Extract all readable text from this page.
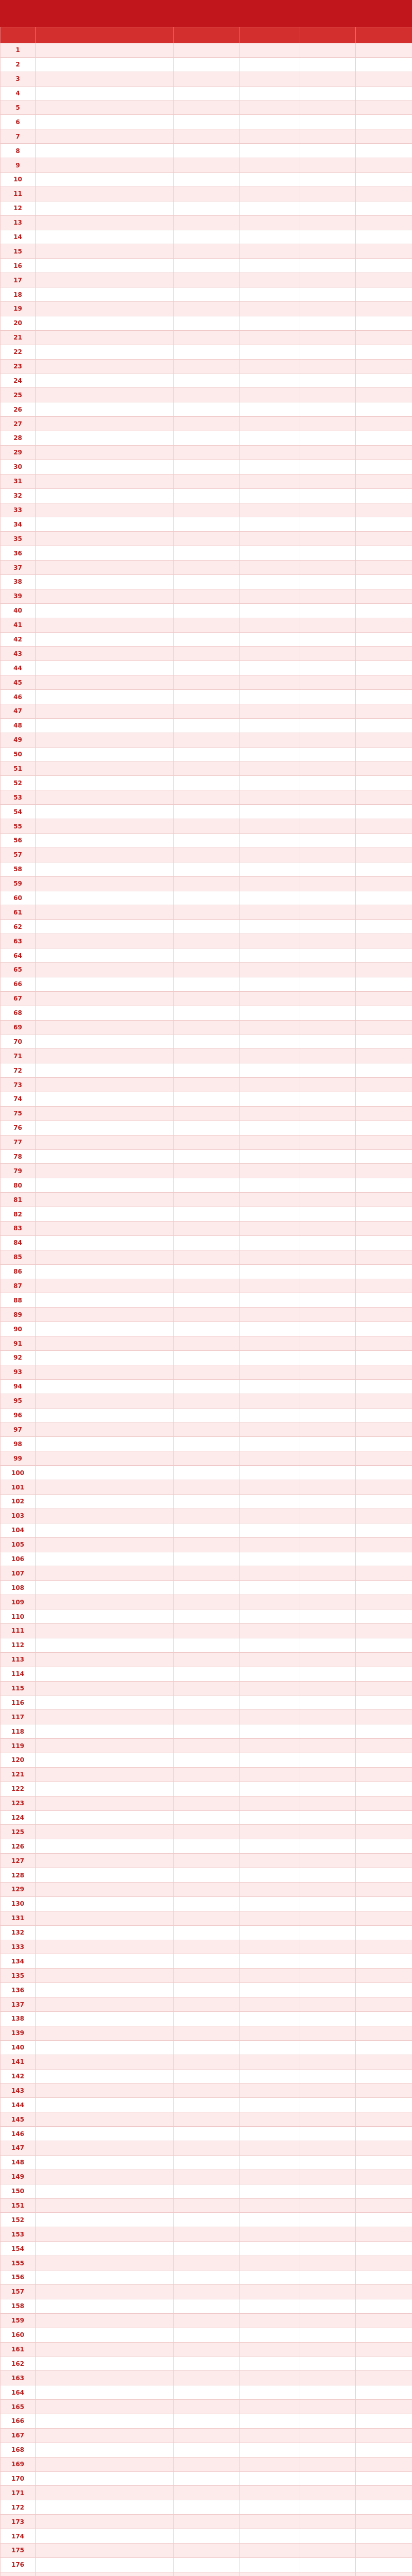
1					
2					
3					
4					
5					
6					
7					
8					
9					
10					
11					
12					
13					
14					
15					
16					
17					
18					
19					
20					
21					
22					
23					
24					
25					
26					
27					
28					
29					
30					
31					
32					
33					
34					
35					
36					
37					
38					
39					
40					
41					
42					
43					
44					
45					
46					
47					
48					
49					
50					
51					
52					
53					
54					
55					
56					
57					
58					
59					
60					
61					
62					
63					
64					
65					
66					
67					
68					
69					
70					
71					
72					
73					
74					
75					
76					
77					
78					
79					
80					
81					
82					
83					
84					
85					
86					
87					
88					
89					
90					
91					
92					
93					
94					
95					
96					
97					
98					
99					
100					
101					
102					
103					
104					
105					
106					
107					
108					
109					
110					
111					
112					
113					
114					
115					
116					
117					
118					
119					
120					
121					
122					
123					
124					
125					
126					
127					
128					
129					
130					
131					
132					
133					
134					
135					
136					
137					
138					
139					
140					
141					
142					
143					
144					
145					
146					
147					
148					
149					
150					
151					
152					
153					
154					
155					
156					
157					
158					
159					
160					
161					
162					
163					
164					
165					
166					
167					
168					
169					
170					
171					
172					
173					
174					
175					
176					
